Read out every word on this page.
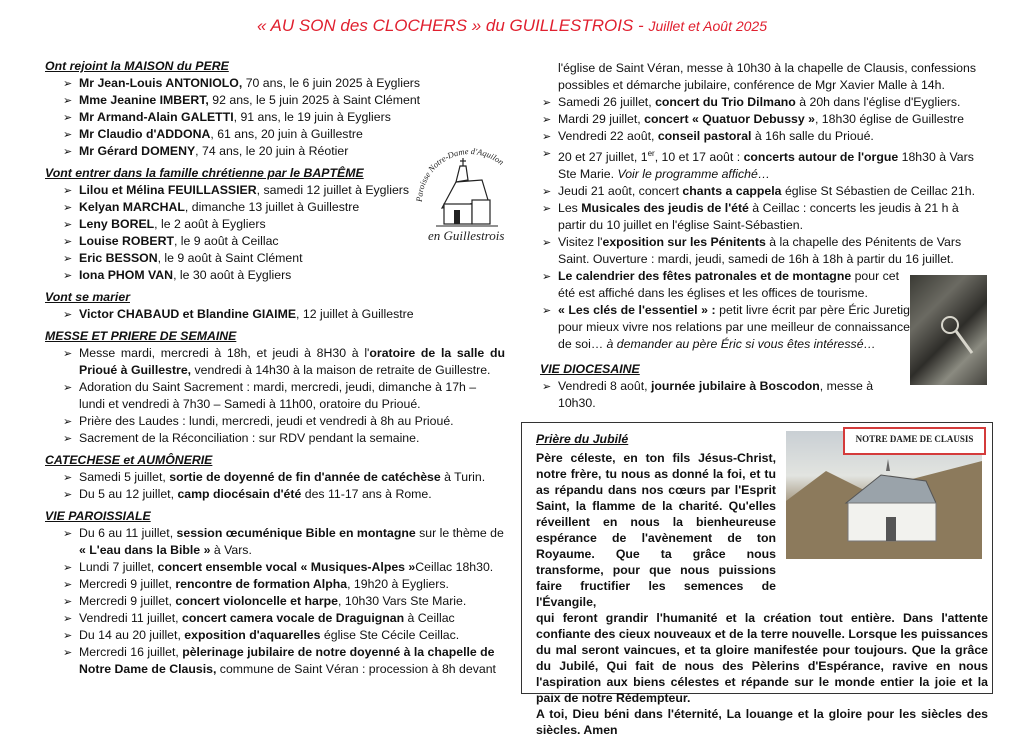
« AU SON des CLOCHERS » du GUILLESTROIS - Juillet et Août 2025
Ont rejoint la MAISON du PERE
➢ Mr Jean-Louis ANTONIOLO, 70 ans, le 6 juin 2025 à Eygliers
➢ Mme Jeanine IMBERT, 92 ans, le 5 juin 2025 à Saint Clément
➢ Mr Armand-Alain GALETTI, 91 ans, le 19 juin à Eygliers
➢ Mr Claudio d'ADDONA, 61 ans, 20 juin à Guillestre
➢ Mr Gérard DOMENY, 74 ans, le 20 juin à Réotier
Vont entrer dans la famille chrétienne par le BAPTÊME
➢ Lilou et Mélina FEUILLASSIER, samedi 12 juillet à Eygliers
➢ Kelyan MARCHAL, dimanche 13 juillet à Guillestre
➢ Leny BOREL, le 2 août à Eygliers
➢ Louise ROBERT, le 9 août à Ceillac
➢ Eric BESSON, le 9 août à Saint Clément
➢ Iona PHOM VAN, le 30 août à Eygliers
Vont se marier
➢ Victor CHABAUD et Blandine GIAIME, 12 juillet à Guillestre
MESSE ET PRIERE DE SEMAINE
➢ Messe mardi, mercredi à 18h, et jeudi à 8H30 à l'oratoire de la salle du Prioué à Guillestre, vendredi à 14h30 à la maison de retraite de Guillestre.
➢ Adoration du Saint Sacrement : mardi, mercredi, jeudi, dimanche à 17h – lundi et vendredi à 7h30 – Samedi à 11h00, oratoire du Prioué.
➢ Prière des Laudes : lundi, mercredi, jeudi et vendredi à 8h au Prioué.
➢ Sacrement de la Réconciliation : sur RDV pendant la semaine.
CATECHESE et AUMÔNERIE
➢ Samedi 5 juillet, sortie de doyenné de fin d'année de catéchèse à Turin.
➢ Du 5 au 12 juillet, camp diocésain d'été des 11-17 ans à Rome.
VIE PAROISSIALE
➢ Du 6 au 11 juillet, session œcuménique Bible en montagne sur le thème de « L'eau dans la Bible » à Vars.
➢ Lundi 7 juillet, concert ensemble vocal « Musiques-Alpes »Ceillac 18h30.
➢ Mercredi 9 juillet, rencontre de formation Alpha, 19h20 à Eygliers.
➢ Mercredi 9 juillet, concert violoncelle et harpe, 10h30 Vars Ste Marie.
➢ Vendredi 11 juillet, concert camera vocale de Draguignan à Ceillac
➢ Du 14 au 20 juillet, exposition d'aquarelles église Ste Cécile Ceillac.
➢ Mercredi 16 juillet, pèlerinage jubilaire de notre doyenné à la chapelle de Notre Dame de Clausis, commune de Saint Véran : procession à 8h devant
Paroisse Notre-Dame d'Aquilon
en Guillestrois
l'église de Saint Véran, messe à 10h30 à la chapelle de Clausis, confessions possibles et démarche jubilaire, conférence de Mgr Xavier Malle à 14h.
➢ Samedi 26 juillet, concert du Trio Dilmano à 20h dans l'église d'Eygliers.
➢ Mardi 29 juillet, concert « Quatuor Debussy », 18h30 église de Guillestre
➢ Vendredi 22 août, conseil pastoral à 16h salle du Prioué.
➢ 20 et 27 juillet, 1er, 10 et 17 août : concerts autour de l'orgue 18h30 à Vars Ste Marie. Voir le programme affiché…
➢ Jeudi 21 août, concert chants a cappela église St Sébastien de Ceillac 21h.
➢ Les Musicales des jeudis de l'été à Ceillac : concerts les jeudis à 21 h à partir du 10 juillet en l'église Saint-Sébastien.
➢ Visitez l'exposition sur les Pénitents à la chapelle des Pénitents de Vars Saint. Ouverture : mardi, jeudi, samedi de 16h à 18h à partir du 16 juillet.
➢ Le calendrier des fêtes patronales et de montagne pour cet été est affiché dans les églises et les offices de tourisme.
➢ « Les clés de l'essentiel » : petit livre écrit par père Éric Juretig pour mieux vivre nos relations par une meilleur de connaissance de soi… à demander au père Éric si vous êtes intéressé…
VIE DIOCESAINE
➢ Vendredi 8 août, journée jubilaire à Boscodon, messe à 10h30.
Prière du Jubilé
Père céleste, en ton fils Jésus-Christ, notre frère, tu nous as donné la foi, et tu as répandu dans nos cœurs par l'Esprit Saint, la flamme de la charité. Qu'elles réveillent en nous la bienheureuse espérance de l'avènement de ton Royaume. Que ta grâce nous transforme, pour que nous puissions faire fructifier les semences de l'Évangile,
qui feront grandir l'humanité et la création tout entière. Dans l'attente confiante des cieux nouveaux et de la terre nouvelle. Lorsque les puissances du mal seront vaincues, et ta gloire manifestée pour toujours. Que la grâce du Jubilé, Qui fait de nous des Pèlerins d'Espérance, ravive en nous l'aspiration aux biens célestes et répande sur le monde entier la joie et la paix de notre Rédempteur.
A toi, Dieu béni dans l'éternité, La louange et la gloire pour les siècles des siècles. Amen
NOTRE DAME DE CLAUSIS
